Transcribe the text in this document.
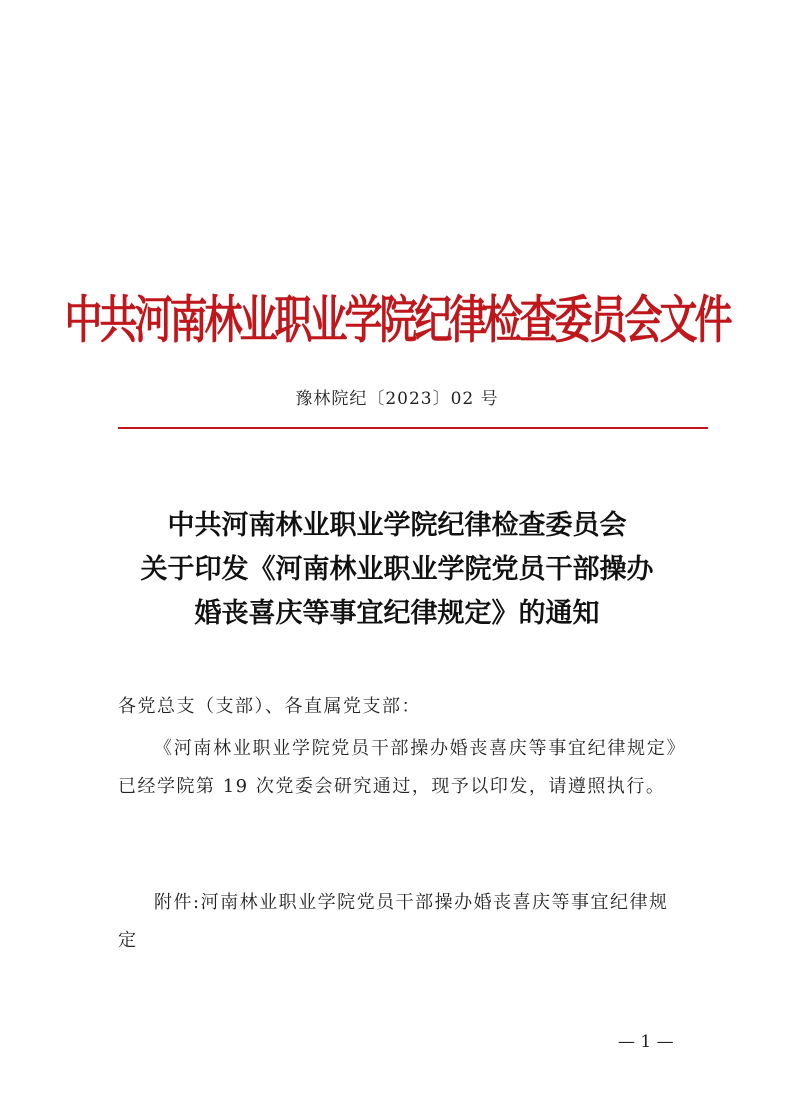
中共河南林业职业学院纪律检查委员会文件
豫林院纪〔2023〕02 号
中共河南林业职业学院纪律检查委员会
关于印发《河南林业职业学院党员干部操办
婚丧喜庆等事宜纪律规定》的通知
各党总支（支部）、各直属党支部：
《河南林业职业学院党员干部操办婚丧喜庆等事宜纪律规定》已经学院第 19 次党委会研究通过，现予以印发，请遵照执行。
附件:河南林业职业学院党员干部操办婚丧喜庆等事宜纪律规定
— 1 —
